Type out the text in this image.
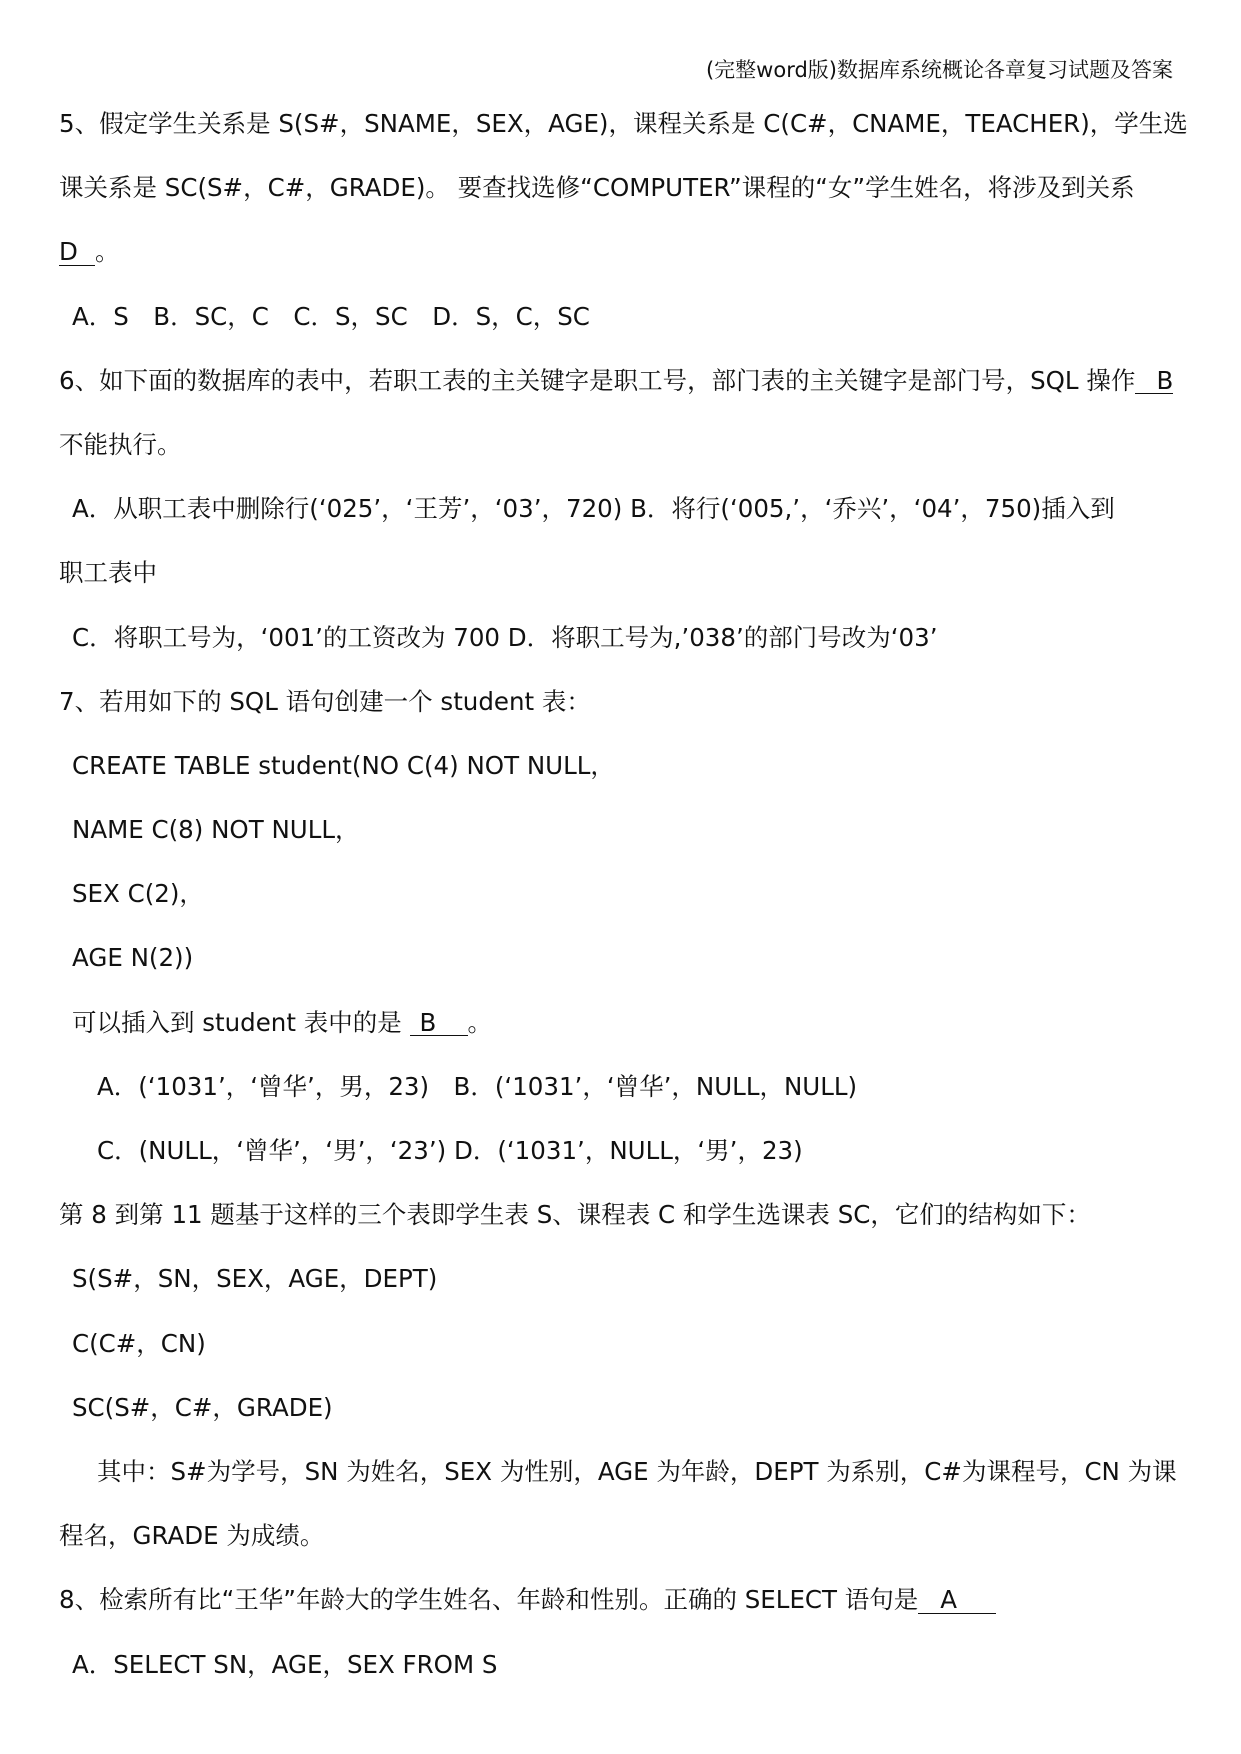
(完整word版)数据库系统概论各章复习试题及答案
5、假定学生关系是 S(S#，SNAME，SEX，AGE)，课程关系是 C(C#，CNAME，TEACHER)，学生选
课关系是 SC(S#，C#，GRADE)。 要查找选修“COMPUTER”课程的“女”学生姓名，将涉及到关系
D 。
A．S　B．SC，C　C．S，SC　D．S，C，SC
6、如下面的数据库的表中，若职工表的主关键字是职工号，部门表的主关键字是部门号，SQL 操作 B
不能执行。
A．从职工表中删除行(‘025’，‘王芳’，‘03’，720) B．将行(‘005,’，‘乔兴’，‘04’，750)插入到
职工表中
C．将职工号为，‘001’的工资改为 700 D．将职工号为,’038’的部门号改为‘03’
7、若用如下的 SQL 语句创建一个 student 表：
CREATE TABLE student(NO C(4) NOT NULL，
NAME C(8) NOT NULL，
SEX C(2)，
AGE N(2))
可以插入到 student 表中的是 B 。
A．(‘1031’，‘曾华’，男，23)　B．(‘1031’，‘曾华’，NULL，NULL)
C．(NULL，‘曾华’，‘男’，‘23’) D．(‘1031’，NULL，‘男’，23)
第 8 到第 11 题基于这样的三个表即学生表 S、课程表 C 和学生选课表 SC，它们的结构如下：
S(S#，SN，SEX，AGE，DEPT)
C(C#，CN)
SC(S#，C#，GRADE)
其中：S#为学号，SN 为姓名，SEX 为性别，AGE 为年龄，DEPT 为系别，C#为课程号，CN 为课
程名，GRADE 为成绩。
8、检索所有比“王华”年龄大的学生姓名、年龄和性别。正确的 SELECT 语句是 A
A．SELECT SN，AGE，SEX FROM S
